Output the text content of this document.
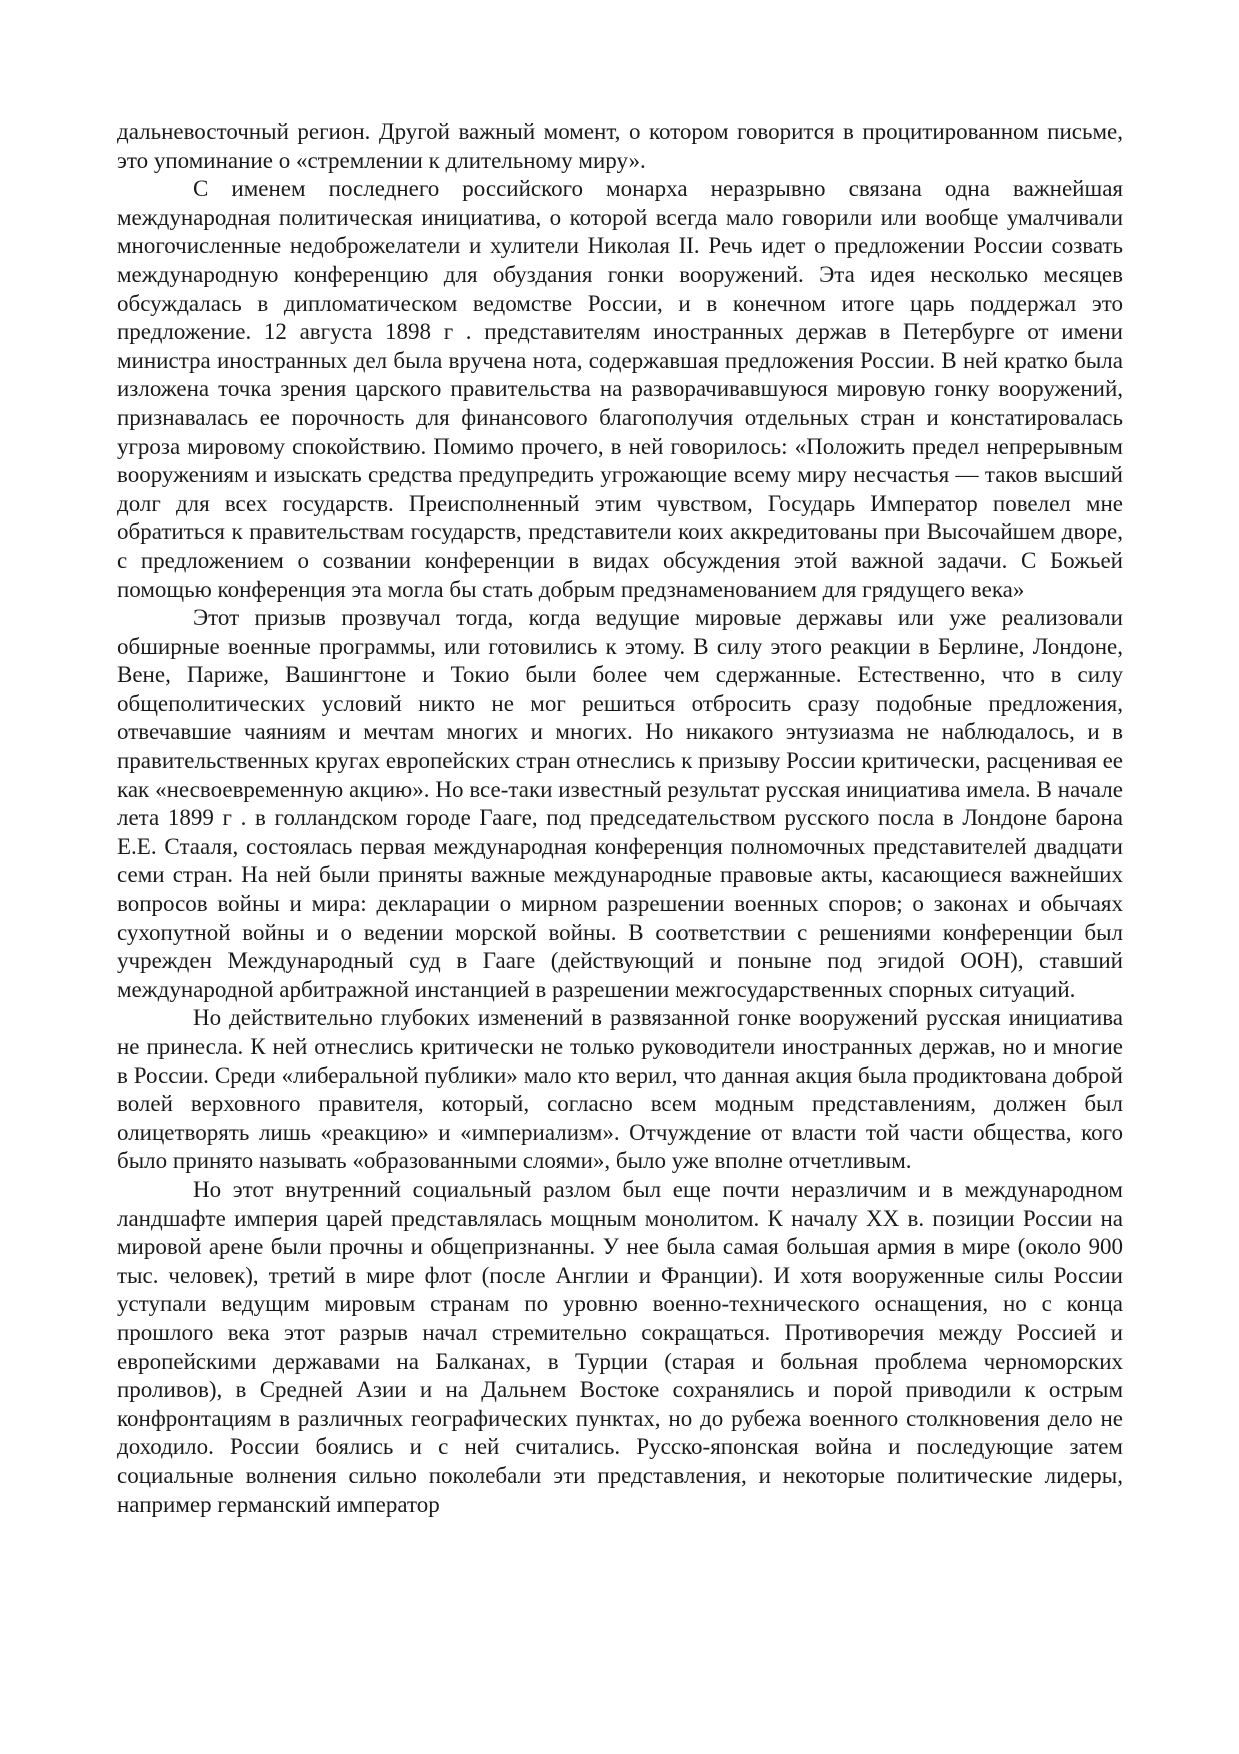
дальневосточный регион. Другой важный момент, о котором говорится в процитированном письме, это упоминание о «стремлении к длительному миру».

С именем последнего российского монарха неразрывно связана одна важнейшая международная политическая инициатива, о которой всегда мало говорили или вообще умалчивали многочисленные недоброжелатели и хулители Николая II. Речь идет о предложении России созвать международную конференцию для обуздания гонки вооружений. Эта идея несколько месяцев обсуждалась в дипломатическом ведомстве России, и в конечном итоге царь поддержал это предложение. 12 августа 1898 г . представителям иностранных держав в Петербурге от имени министра иностранных дел была вручена нота, содержавшая предложения России. В ней кратко была изложена точка зрения царского правительства на разворачивавшуюся мировую гонку вооружений, признавалась ее порочность для финансового благополучия отдельных стран и констатировалась угроза мировому спокойствию. Помимо прочего, в ней говорилось: «Положить предел непрерывным вооружениям и изыскать средства предупредить угрожающие всему миру несчастья — таков высший долг для всех государств. Преисполненный этим чувством, Государь Император повелел мне обратиться к правительствам государств, представители коих аккредитованы при Высочайшем дворе, с предложением о созвании конференции в видах обсуждения этой важной задачи. С Божьей помощью конференция эта могла бы стать добрым предзнаменованием для грядущего века»

Этот призыв прозвучал тогда, когда ведущие мировые державы или уже реализовали обширные военные программы, или готовились к этому. В силу этого реакции в Берлине, Лондоне, Вене, Париже, Вашингтоне и Токио были более чем сдержанные. Естественно, что в силу общеполитических условий никто не мог решиться отбросить сразу подобные предложения, отвечавшие чаяниям и мечтам многих и многих. Но никакого энтузиазма не наблюдалось, и в правительственных кругах европейских стран отнеслись к призыву России критически, расценивая ее как «несвоевременную акцию». Но все-таки известный результат русская инициатива имела. В начале лета 1899 г . в голландском городе Гааге, под председательством русского посла в Лондоне барона Е.Е. Стааля, состоялась первая международная конференция полномочных представителей двадцати семи стран. На ней были приняты важные международные правовые акты, касающиеся важнейших вопросов войны и мира: декларации о мирном разрешении военных споров; о законах и обычаях сухопутной войны и о ведении морской войны. В соответствии с решениями конференции был учрежден Международный суд в Гааге (действующий и поныне под эгидой ООН), ставший международной арбитражной инстанцией в разрешении межгосударственных спорных ситуаций.

Но действительно глубоких изменений в развязанной гонке вооружений русская инициатива не принесла. К ней отнеслись критически не только руководители иностранных держав, но и многие в России. Среди «либеральной публики» мало кто верил, что данная акция была продиктована доброй волей верховного правителя, который, согласно всем модным представлениям, должен был олицетворять лишь «реакцию» и «империализм». Отчуждение от власти той части общества, кого было принято называть «образованными слоями», было уже вполне отчетливым.

Но этот внутренний социальный разлом был еще почти неразличим и в международном ландшафте империя царей представлялась мощным монолитом. К началу XX в. позиции России на мировой арене были прочны и общепризнанны. У нее была самая большая армия в мире (около 900 тыс. человек), третий в мире флот (после Англии и Франции). И хотя вооруженные силы России уступали ведущим мировым странам по уровню военно-технического оснащения, но с конца прошлого века этот разрыв начал стремительно сокращаться. Противоречия между Россией и европейскими державами на Балканах, в Турции (старая и больная проблема черноморских проливов), в Средней Азии и на Дальнем Востоке сохранялись и порой приводили к острым конфронтациям в различных географических пунктах, но до рубежа военного столкновения дело не доходило. России боялись и с ней считались. Русско-японская война и последующие затем социальные волнения сильно поколебали эти представления, и некоторые политические лидеры, например германский император
